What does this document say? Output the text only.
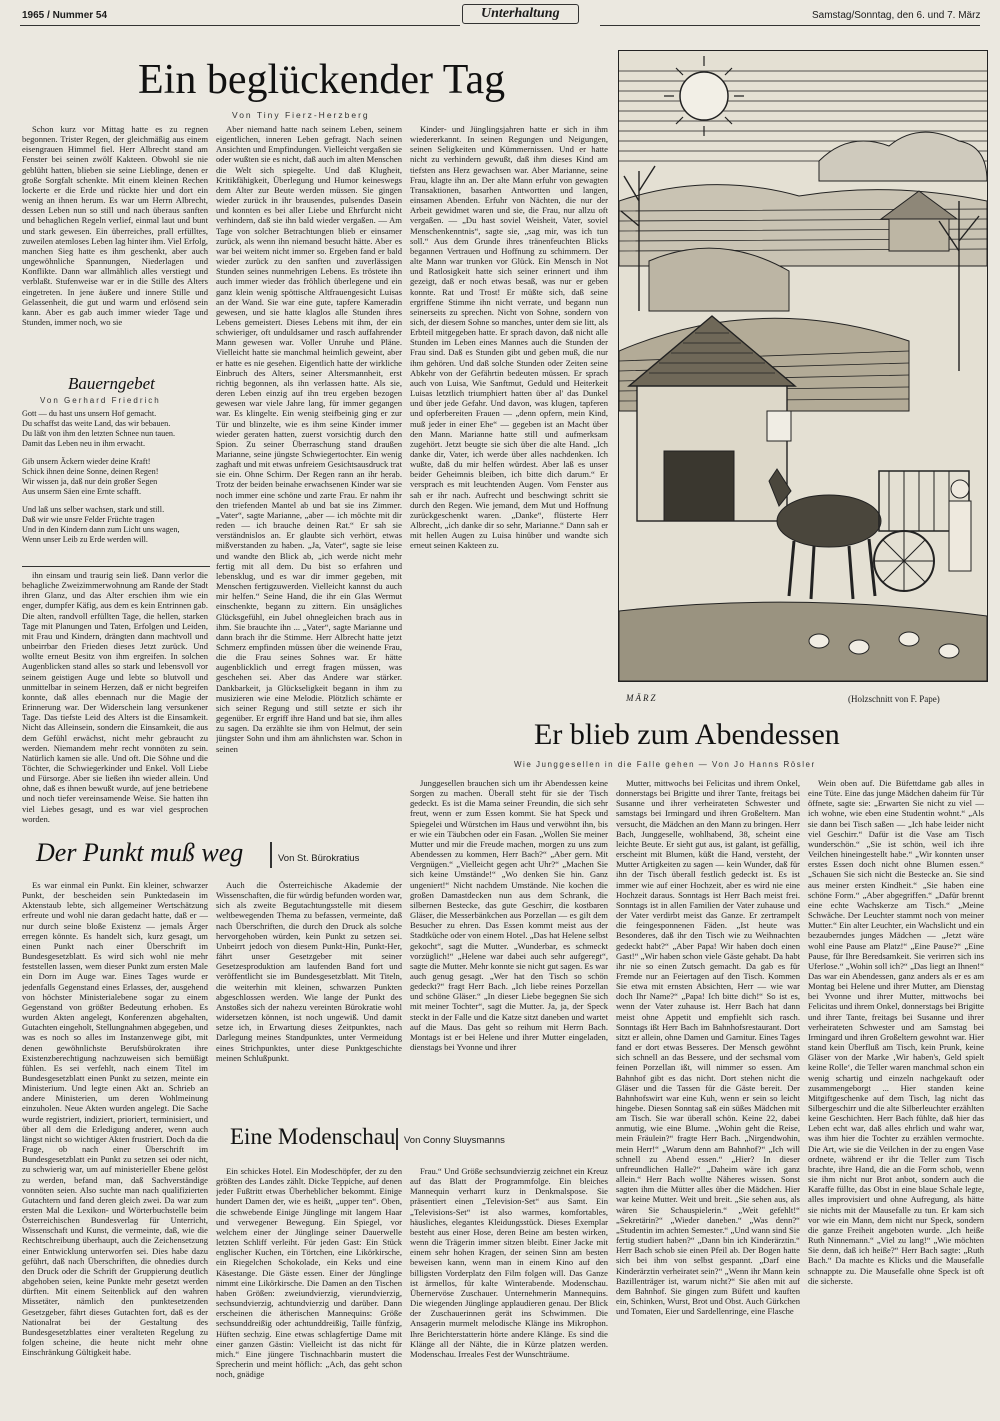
1965 / Nummer 54	Unterhaltung	Samstag/Sonntag, den 6. und 7. März
Ein beglückender Tag
Von Tiny Fierz-Herzberg

Schon kurz vor Mittag hatte es zu regnen begonnen. Trister Regen, der gleichmäßig aus einem eisengrauen Himmel fiel. Herr Albrecht stand am Fenster bei seinen zwölf Kakteen. Obwohl sie nie geblüht hatten, blieben sie seine Lieblinge, denen er große Sorgfalt schenkte. Mit einem kleinen Rechen lockerte er die Erde und rückte hier und dort ein wenig an ihnen herum. Es war um Herrn Albrecht, dessen Leben nun so still und nach überaus sanften und behaglichen Regeln verlief, einmal laut und bunt und stark gewesen. Ein überreiches, prall erfülltes, zuweilen atemloses Leben lag hinter ihm. Viel Erfolg, manchen Sieg hatte es ihm geschenkt, aber auch ungewöhnliche Spannungen, Niederlagen und Konflikte. Dann war allmählich alles verstiegt und verblaßt. Stufenweise war er in die Stille des Alters eingetreten. In jene äußere und innere Stille und Gelassenheit, die gut und warm und erlösend sein kann. Aber es gab auch immer wieder Tage und Stunden, immer noch, wo sie

Bauerngebet
Von Gerhard Friedrich
Gott — du hast uns unsern Hof gemacht.
Du schaffst das weite Land, das wir bebauen.
Du läßt von ihm den letzten Schnee nun tauen.
Damit das Leben neu in ihm erwacht.
Gib unsern Äckern wieder deine Kraft!
Schick ihnen deine Sonne, deinen Regen!
Wir wissen ja, daß nur dein großer Segen
Aus unserm Säen eine Ernte schafft.
Und laß uns selber wachsen, stark und still.
Daß wir wie unsre Felder Früchte tragen
Und in den Kindern dann zum Licht uns wagen,
Wenn unser Leib zu Erde werden will.

ihn einsam und traurig sein ließ. Dann verlor die behagliche Zweizimmerwohnung am Rande der Stadt ihren Glanz, und das Alter erschien ihm wie ein enger, dumpfer Käfig, aus dem es kein Entrinnen gab. Die alten, randvoll erfüllten Tage, die hellen, starken Tage mit Planungen und Taten, Erfolgen und Leiden, mit Frau und Kindern, drängten dann machtvoll und unbeirrbar den Frieden dieses Jetzt zurück. Und wollte erneut Besitz von ihm ergreifen. In solchen Augenblicken stand alles so stark und lebensvoll vor seinem geistigen Auge und lebte so blutvoll und unmittelbar in seinem Herzen, daß er nicht begreifen konnte, daß alles ebennach nur die Magie der Erinnerung war. Der Widerschein lang versunkener Tage. Das tiefste Leid des Alters ist die Einsamkeit. Nicht das Alleinsein, sondern die Einsamkeit, die aus dem Gefühl erwächst, nicht mehr gebraucht zu werden. Niemandem mehr recht vonnöten zu sein. Natürlich kamen sie alle. Und oft. Die Söhne und die Töchter, die Schwiegerkinder und Enkel. Voll Liebe und Fürsorge. Aber sie ließen ihn wieder allein. Und ohne, daß es ihnen bewußt wurde, auf jene betriebene und noch tiefer vereinsamende Weise. Sie hatten ihn viel Liebes gesagt, und es war viel gesprochen worden.

Aber niemand hatte nach seinem Leben, seinem eigentlichen, inneren Leben gefragt. Nach seinen Ansichten und Empfindungen. Vielleicht vergaßen sie oder wußten sie es nicht, daß auch im alten Menschen die Welt sich spiegelte. Und daß Klugheit, Kritikfähigkeit, Überlegung und Humor keineswegs dem Alter zur Beute werden müssen. Sie gingen wieder zurück in ihr brausendes, pulsendes Dasein und konnten es bei aller Liebe und Ehrfurcht nicht verhindern, daß sie ihn bald wieder vergaßen. — Am Tage von solcher Betrachtungen blieb er einsamer zurück, als wenn ihn niemand besucht hätte. Aber es war bei weitem nicht immer so. Ergeben fand er bald wieder zurück zu den sanften und zuverlässigen Stunden seines nunmehrigen Lebens. Es tröstete ihn auch immer wieder das fröhlich überlegene und ein ganz klein wenig spöttische Altfrauengesicht Luisas an der Wand. Sie war eine gute, tapfere Kameradin gewesen, und sie hatte klaglos alle Stunden ihres Lebens gemeistert. Dieses Lebens mit ihm, der ein schwieriger, oft unduldsamer und rasch auffahrender Mann gewesen war. Voller Unruhe und Pläne. Vielleicht hatte sie manchmal heimlich geweint, aber er hatte es nie gesehen. Eigentlich hatte der wirkliche Einbruch des Alters, seiner Altersmannheit, erst richtig begonnen, als ihn verlassen hatte. Als sie, deren Leben einzig auf ihn treu ergeben bezogen gewesen war viele Jahre lang, für immer gegangen war. Es klingelte. Ein wenig steifbeinig ging er zur Tür und blinzelte, wie es ihm seine Kinder immer wieder geraten hatten, zuerst vorsichtig durch den Spion. Zu seiner Überraschung stand draußen Marianne, seine jüngste Schwiegertochter. Ein wenig zaghaft und mit etwas unfreiem Gesichtsausdruck trat sie ein. Ohne Schirm. Der Regen rann an ihr herab. Trotz der beiden beinahe erwachsenen Kinder war sie noch immer eine schöne und zarte Frau. Er nahm ihr den triefenden Mantel ab und bat sie ins Zimmer. „Vater“, sagte Marianne, „aber — ich möchte mit dir reden — ich brauche deinen Rat.“ Er sah sie verständnislos an. Er glaubte sich verhört, etwas mißverstanden zu haben. „Ja, Vater“, sagte sie leise und wandte den Blick ab, „ich werde nicht mehr fertig mit all dem. Du bist so erfahren und lebensklug, und es war dir immer gegeben, mit Menschen fertigzuwerden. Vielleicht kannst du auch mir helfen.“ Seine Hand, die ihr ein Glas Wermut einschenkte, begann zu zittern. Ein unsägliches Glücksgefühl, ein Jubel ohnegleichen brach aus in ihm. Sie brauchte ihn ... „Vater“, sagte Marianne und dann brach ihr die Stimme. Herr Albrecht hatte jetzt Schmerz empfinden müssen über die weinende Frau, die die Frau seines Sohnes war. Er hätte augenblicklich und erregt fragen müssen, was geschehen sei. Aber das Andere war stärker. Dankbarkeit, ja Glückseligkeit begann in ihm zu musizieren wie eine Melodie. Plötzlich schämte er sich seiner Regung und still setzte er sich ihr gegenüber. Er ergriff ihre Hand und bat sie, ihm alles zu sagen. Da erzählte sie ihm von Helmut, der sein jüngster Sohn und ihm am ähnlichsten war. Schon in seinen

Kinder- und Jünglingsjahren hatte er sich in ihm wiedererkannt. In seinen Regungen und Neigungen, seinen Seligkeiten und Kümmernissen. Und er hatte nicht zu verhindern gewußt, daß ihm dieses Kind am tiefsten ans Herz gewachsen war. Aber Marianne, seine Frau, klagte ihn an. Der alte Mann erfuhr von gewagten Transaktionen, basarhen Antwortten und langen, einsamen Abenden. Erfuhr von Nächten, die nur der Arbeit gewidmet waren und sie, die Frau, nur allzu oft vergaßen. — „Du hast soviel Weisheit, Vater, soviel Menschenkenntnis“, sagte sie, „sag mir, was ich tun soll.“ Aus dem Grunde ihres tränenfeuchten Blicks begannen Vertrauen und Hoffnung zu schimmern. Der alte Mann war trunken vor Glück. Ein Mensch in Not und Ratlosigkeit hatte sich seiner erinnert und ihm gezeigt, daß er noch etwas besaß, was nur er geben konnte. Rat und Trost! Er müßte sich, daß seine ergriffene Stimme ihn nicht verrate, und begann nun seinerseits zu sprechen. Nicht von Sohne, sondern von sich, der diesem Sohne so manches, unter dem sie litt, als Erbteil mitgegeben hatte. Er sprach davon, daß nicht alle Stunden im Leben eines Mannes auch die Stunden der Frau sind. Daß es Stunden gibt und geben muß, die nur ihm gehören. Und daß solche Stunden oder Zeiten seine Abkehr von der Gefährtin bedeuten müssen. Er sprach auch von Luisa, Wie Sanftmut, Geduld und Heiterkeit Luisas letztlich triumphiert hatten über al' das Dunkel und über jede Gefahr. Und davon, was klugen, tapferen und opferbereiten Frauen — „denn opfern, mein Kind, muß jeder in einer Ehe“ — gegeben ist an Macht über den Mann. Marianne hatte still und aufmerksam zugehört. Jetzt beugte sie sich über die alte Hand. „Ich danke dir, Vater, ich werde über alles nachdenken. Ich wußte, daß du mir helfen würdest. Aber laß es unser beider Geheimnis bleiben, ich bitte dich darum.“ Er versprach es mit leuchtenden Augen. Vom Fenster aus sah er ihr nach. Aufrecht und beschwingt schritt sie durch den Regen. Wie jemand, dem Mut und Hoffnung zurückgeschenkt waren. „Danke“, flüsterte Herr Albrecht, „ich danke dir so sehr, Marianne.“ Dann sah er mit hellen Augen zu Luisa hinüber und wandte sich erneut seinen Kakteen zu.

MÄRZ	(Holzschnitt von F. Pape)
Er blieb zum Abendessen
Wie Junggesellen in die Falle gehen — Von Jo Hanns Rösler
Der Punkt muß weg	Von St. Bürokratius

Es war einmal ein Punkt. Ein kleiner, schwarzer Punkt, der bescheiden sein Punktedasein im Aktenstaub lebte, sich allgemeiner Wertschätzung erfreute und wohl nie daran gedacht hatte, daß er — nur durch seine bloße Existenz — jemals Ärger erregen könnte. Es handelt sich, kurz gesagt, um einen Punkt nach einer Überschrift im Bundesgesetzblatt. Es wird sich wohl nie mehr feststellen lassen, wem dieser Punkt zum ersten Male ein Dorn im Auge war. Eines Tages wurde er jedenfalls Gegenstand eines Erlasses, der, ausgehend von höchster Ministerialebene sogar zu einem Gegenstand von größter Bedeutung erhoben. Es wurden Akten angelegt, Konferenzen abgehalten, Gutachten eingeholt, Stellungnahmen abgegeben, und was es noch so alles im Instanzenwege gibt, mit denen gewöhnlichste Berufsbürokraten ihre Existenzberechtigung nachzuweisen sich bemüßigt fühlen. Es sei verfehlt, nach einem Titel im Bundesgesetzblatt einen Punkt zu setzen, meinte ein Ministerium. Und legte einen Akt an. Schrieb an andere Ministerien, um deren Wohlmeinung einzuholen. Neue Akten wurden angelegt. Die Sache wurde registriert, indiziert, prioriert, terminisiert, und über all dem die Erledigung anderer, wenn auch längst nicht so wichtiger Akten frustriert. Doch da die Frage, ob nach einer Überschrift im Bundesgesetzblatt ein Punkt zu setzen sei oder nicht, zu schwierig war, um auf ministerieller Ebene gelöst zu werden, befand man, daß Sachverständige vonnöten seien. Also suchte man nach qualifizierten Gutachtern und fand deren gleich zwei. Da war zum ersten Mal die Lexikon- und Wörterbuchstelle beim Österreichischen Bundesverlag für Unterricht, Wissenschaft und Kunst, die vermeinte, daß, wie die Rechtschreibung überhaupt, auch die Zeichensetzung einer Entwicklung unterworfen sei. Dies habe dazu geführt, daß nach Überschriften, die ohnedies durch den Druck oder die Schrift der Gruppierung deutlich abgehoben seien, keine Punkte mehr gesetzt werden dürften. Mit einem Seitenblick auf den wahren Missetäter, nämlich den punktesetzenden Gesetzgeber, fährt dieses Gutachten fort, daß es der Nationalrat bei der Gestaltung des Bundesgesetzblattes einer veralteten Regelung zu folgen scheine, die heute nicht mehr ohne Einschränkung Gültigkeit habe.

Auch die Österreichische Akademie der Wissenschaften, die für würdig befunden worden war, sich als zweite Begutachtungsstelle mit diesem weltbewegenden Thema zu befassen, vermeinte, daß nach Überschriften, die durch den Druck als solche hervorgehoben würden, kein Punkt zu setzen sei. Unbeirrt jedoch von diesem Punkt-Hin, Punkt-Her, fährt unser Gesetzgeber mit seiner Gesetzesproduktion am laufenden Band fort und veröffentlicht sie im Bundesgesetzblatt. Mit Titeln, die weiterhin mit kleinen, schwarzen Punkten abgeschlossen werden. Wie lange der Punkt des Anstoßes sich der nahezu vereinten Bürokratie wohl widersetzen können, ist noch ungewiß. Und damit setze ich, in Erwartung dieses Zeitpunktes, nach Darlegung meines Standpunktes, unter Vermeidung eines Strichpunktes, unter diese Punktgeschichte meinen Schlußpunkt.

Eine Modenschau Von Conny Sluysmanns

Ein schickes Hotel. Ein Modeschöpfer, der zu den größten des Landes zählt. Dicke Teppiche, auf denen jeder Fußtritt etwas Überheblicher bekommt. Einige hundert Damen der, wie es heißt, „upper ten“. Oben, die schwebende Einige Jünglinge mit langem Haar und verwegener Bewegung. Ein Spiegel, vor welchem einer der Jünglinge seiner Dauerwelle letzten Schliff verleiht. Für jeden Gast: Ein Stück englischer Kuchen, ein Törtchen, eine Likörkirsche, ein Riegelchen Schokolade, ein Keks und eine Käsestange. Die Gäste essen. Einer der Jünglinge nimmt eine Likörkirsche. Die Damen an den Tischen haben Größen: zweiundvierzig, vierundvierzig, sechsundvierzig, achtundvierzig und darüber. Dann erscheinen die ätherischen Mannequins: Größe sechsunddreißig oder achtunddreißig, Taille fünfzig, Hüften sechzig. Eine etwas schlagfertige Dame mit einer ganzen Gästin: Vielleicht ist das nicht für mich.“ Eine jüngere Tischnachbarin mustert die Sprecherin und meint höflich: „Ach, das geht schon noch, gnädige

Frau.“ Und Größe sechsundvierzig zeichnet ein Kreuz auf das Blatt der Programmfolge. Ein bleiches Mannequin verharrt kurz in Denkmalspose. Sie präsentiert einen „Television-Set“ aus Samt. Ein „Televisions-Set“ ist also warmes, komfortables, häusliches, elegantes Kleidungsstück. Dieses Exemplar besteht aus einer Hose, deren Beine am besten wirken, wenn die Trägerin immer sitzen bleibt. Einer Jacke mit einem sehr hohen Kragen, der seinen Sinn am besten beweisen kann, wenn man in einem Kino auf den billigsten Vorderplatz den Film folgen will. Das Ganze ist ärmellos, für kalte Winterabende. Modenschau. Übernervöse Zuschauer. Unternehmerin Mannequins. Die wiegenden Jünglinge applaudieren genau. Der Blick der Zuschauerinnen gerät ins Schwimmen. Die Ansagerin murmelt melodische Klänge ins Mikrophon. Ihre Berichterstatterin hörte andere Klänge. Es sind die Klänge all der Nähte, die in Kürze platzen werden. Modenschau. Irreales Fest der Wunschträume.

Junggesellen brauchen sich um ihr Abendessen keine Sorgen zu machen. Überall steht für sie der Tisch gedeckt. Es ist die Mama seiner Freundin, die sich sehr freut, wenn er zum Essen kommt. Sie hat Speck und Spiegelei und Würstchen im Haus und verwöhnt ihn, bis er wie ein Täubchen oder ein Fasan. „Wollen Sie meiner Mutter und mir die Freude machen, morgen zu uns zum Abendessen zu kommen, Herr Bach?“ „Aber gern. Mit Vergnügen.“ „Vielleicht gegen acht Uhr?“ „Machen Sie sich keine Umstände!“ „Wo denken Sie hin. Ganz ungeniert!“ Nicht nachdem Umstände. Nie kochen die großen Damastdecken nun aus dem Schrank, die silbernen Bestecke, das gute Geschirr, die kostbaren Gläser, die Messerbänkchen aus Porzellan — es gilt dem Besucher zu ehren. Das Essen kommt meist aus der Stadtküche oder von einem Hotel. „Das hat Helene selbst gekocht“, sagt die Mutter. „Wunderbar, es schmeckt vorzüglich!“ „Helene war dabei auch sehr aufgeregt“, sagte die Mutter. Mehr konnte sie nicht gut sagen. Es war auch genug gesagt. „Wer hat den Tisch so schön gedeckt?“ fragt Herr Bach. „Ich liebe reines Porzellan und schöne Gläser.“ „In dieser Liebe begegnen Sie sich mit meiner Tochter“, sagt die Mutter. Ja, ja, der Speck steckt in der Falle und die Katze sitzt daneben und wartet auf die Maus. Das geht so reihum mit Herrn Bach. Montags ist er bei Helene und ihrer Mutter eingeladen, dienstags bei Yvonne und ihrer

Mutter, mittwochs bei Felicitas und ihrem Onkel, donnerstags bei Brigitte und ihrer Tante, freitags bei Susanne und ihrer verheirateten Schwester und samstags bei Irmingard und ihren Großeltern. Man versucht, die Mädchen an den Mann zu bringen. Herr Bach, Junggeselle, wohlhabend, 38, scheint eine leichte Beute. Er sieht gut aus, ist galant, ist gefällig, erscheint mit Blumen, küßt die Hand, versteht, der Mutter Artigkeiten zu sagen — kein Wunder, daß für ihn der Tisch überall festlich gedeckt ist. Es ist immer wie auf einer Hochzeit, aber es wird nie eine Hochzeit daraus. Sonntags ist Herr Bach meist frei. Sonntags ist in allen Familien der Vater zuhause und der Vater verdirbt meist das Ganze. Er zertrampelt die feingesponnenen Fäden. „Ist heute was Besonderes, daß ihr den Tisch wie zu Weihnachten gedeckt habt?“ „Aber Papa! Wir haben doch einen Gast!“ „Wir haben schon viele Gäste gehabt. Da habt ihr nie so einen Zutsch gemacht. Da gab es für Fremde nur an Feiertagen auf den Tisch. Kommen Sie etwa mit ernsten Absichten, Herr — wie war doch Ihr Name?“ „Papa! Ich bitte dich!“ So ist es, wenn der Vater zuhause ist. Herr Bach hat dann meist ohne Appetit und empfiehlt sich rasch. Sonntags ißt Herr Bach im Bahnhofsrestaurant. Dort sitzt er allein, ohne Damen und Garnitur. Eines Tages fand er dort etwas Besseres. Der Mensch gewöhnt sich schnell an das Bessere, und der sechsmal vom feinen Porzellan ißt, will nimmer so essen. Am Bahnhof gibt es das nicht. Dort stehen nicht die Gläser und die Tassen für die Gäste bereit. Der Bahnhofswirt war eine Kuh, wenn er sein so leicht hingebe. Diesen Sonntag saß ein süßes Mädchen mit am Tisch. Sie war überall schön. Keine 22, dabei anmutig, wie eine Blume. „Wohin geht die Reise, mein Fräulein?“ fragte Herr Bach. „Nirgendwohin, mein Herr!“ „Warum denn am Bahnhof?“ „Ich will schnell zu Abend essen.“ „Hier? In dieser unfreundlichen Halle?“ „Daheim wäre ich ganz allein.“ Herr Bach wollte Näheres wissen. Sonst sagten ihm die Mütter alles über die Mädchen. Hier war keine Mutter. Weit und breit. „Sie sehen aus, als wären Sie Schauspielerin.“ „Weit gefehlt!“ „Sekretärin?“ „Wieder daneben.“ „Was denn?“ „Studentin im achten Semester.“ „Und wann sind Sie fertig studiert haben?“ „Dann bin ich Kinderärztin.“ Herr Bach schob sie einen Pfeil ab. Der Bogen hatte sich bei ihm von selbst gespannt. „Darf eine Kinderärztin verheiratet sein?“ „Wenn ihr Mann kein Bazillenträger ist, warum nicht?“ Sie aßen mit auf dem Bahnhof. Sie gingen zum Büfett und kauften ein, Schinken, Wurst, Brot und Obst. Auch Gürkchen und Tomaten, Eier und Sardellenringe, eine Flasche

Wein oben auf. Die Büfettdame gab alles in eine Tüte. Eine das junge Mädchen daheim für Tür öffnete, sagte sie: „Erwarten Sie nicht zu viel — ich wohne, wie eben eine Studentin wohnt.“ „Als sie dann bei Tisch saßen — „Ich habe leider nicht viel Geschirr.“ Dafür ist die Vase am Tisch wunderschön.“ „Sie ist schön, weil ich ihre Veilchen hineingestellt habe.“ „Wir konnten unser erstes Essen doch nicht ohne Blumen essen.“ „Schauen Sie sich nicht die Bestecke an. Sie sind aus meiner ersten Kindheit.“ „Sie haben eine schöne Form.“ „Aber abgegriffen.“ „Dafür brennt eine echte Wachskerze am Tisch.“ „Meine Schwäche. Der Leuchter stammt noch von meiner Mutter.“ Ein alter Leuchter, ein Wachslicht und ein bezauberndes junges Mädchen — „Jetzt wäre wohl eine Pause am Platz!“ „Eine Pause?“ „Eine Pause, für Ihre Beredsamkeit. Sie verirren sich ins Uferlose.“ „Wohin soll ich?“ „Das liegt an Ihnen!“ Das war ein Abendessen, ganz anders als er es am Montag bei Helene und ihrer Mutter, am Dienstag bei Yvonne und ihrer Mutter, mittwochs bei Felicitas und ihrem Onkel, donnerstags bei Brigitte und ihrer Tante, freitags bei Susanne und ihrer verheirateten Schwester und am Samstag bei Irmingard und ihren Großeltern gewohnt war. Hier stand kein Überfluß am Tisch, kein Prunk, keine Gläser von der Marke ‚Wir haben's, Geld spielt keine Rolle‘, die Teller waren manchmal schon ein wenig schartig und einzeln nachgekauft oder zusammengeborgt ... Hier standen keine Mitgiftgeschenke auf dem Tisch, lag nicht das Silbergeschirr und die alte Silberleuchter erzählten keine Geschichten. Herr Bach fühlte, daß hier das Leben echt war, daß alles ehrlich und wahr war, was ihm hier die Tochter zu erzählen vermochte. Die Art, wie sie die Veilchen in der zu engen Vase ordnete, während er ihr die Teller zum Tisch brachte, ihre Hand, die an die Form schob, wenn sie ihm nicht nur Brot anbot, sondern auch die Karaffe füllte, das Obst in eine blaue Schale legte, alles improvisiert und ohne Aufregung, als hätte sie nichts mit der Mausefalle zu tun. Er kam sich vor wie ein Mann, dem nicht nur Speck, sondern die ganze Freiheit angeboten wurde. „Ich heiße Ruth Ninnemann.“ „Viel zu lang!“ „Wie möchten Sie denn, daß ich heiße?“ Herr Bach sagte: „Ruth Bach.“ Da machte es Klicks und die Mausefalle schnappte zu. Die Mausefalle ohne Speck ist oft die sicherste.
